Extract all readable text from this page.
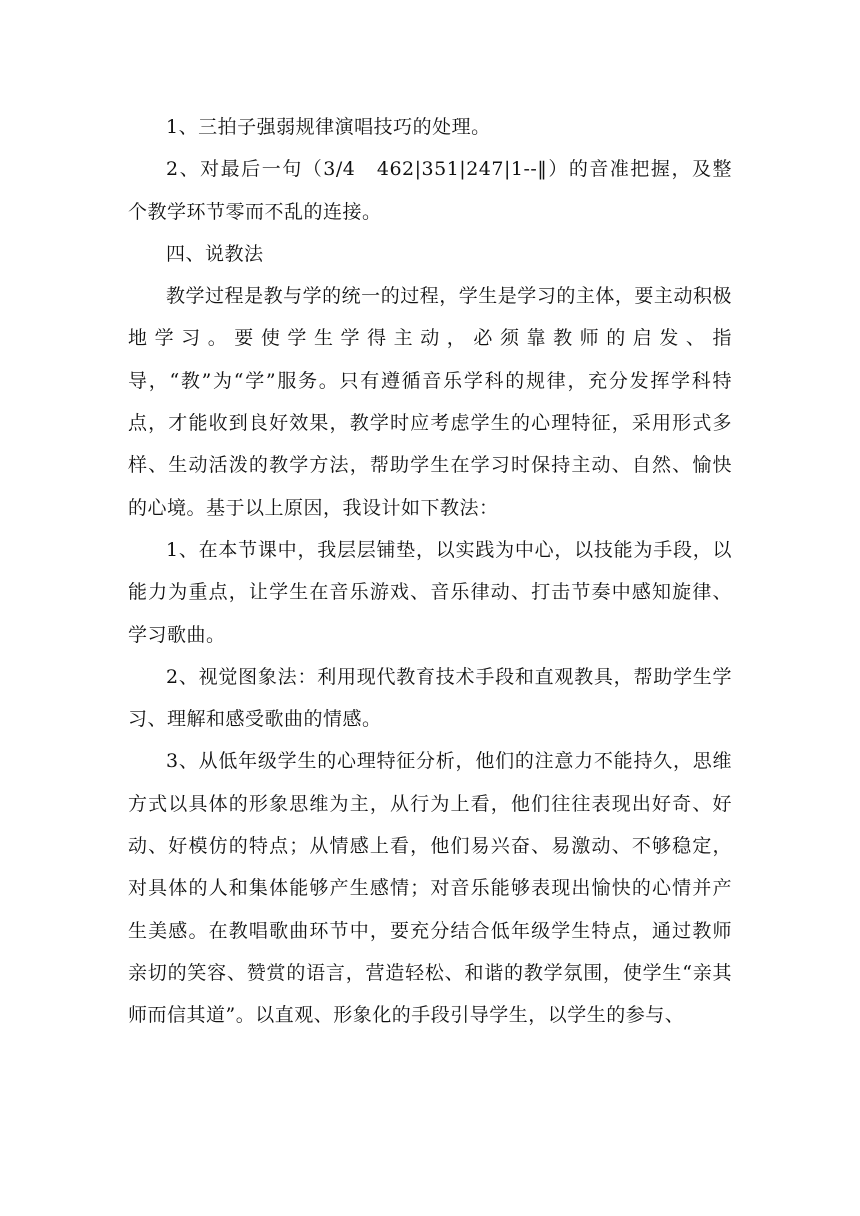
1、三拍子强弱规律演唱技巧的处理。

2、对最后一句（3/4　462|351|247|1--‖）的音准把握，及整个教学环节零而不乱的连接。

四、说教法

教学过程是教与学的统一的过程，学生是学习的主体，要主动积极地学习。要使学生学得主动，必须靠教师的启发、指导，“教”为“学”服务。只有遵循音乐学科的规律，充分发挥学科特点，才能收到良好效果，教学时应考虑学生的心理特征，采用形式多样、生动活泼的教学方法，帮助学生在学习时保持主动、自然、愉快的心境。基于以上原因，我设计如下教法：

1、在本节课中，我层层铺垫，以实践为中心，以技能为手段，以能力为重点，让学生在音乐游戏、音乐律动、打击节奏中感知旋律、学习歌曲。

2、视觉图象法：利用现代教育技术手段和直观教具，帮助学生学习、理解和感受歌曲的情感。

3、从低年级学生的心理特征分析，他们的注意力不能持久，思维方式以具体的形象思维为主，从行为上看，他们往往表现出好奇、好动、好模仿的特点；从情感上看，他们易兴奋、易激动、不够稳定，对具体的人和集体能够产生感情；对音乐能够表现出愉快的心情并产生美感。在教唱歌曲环节中，要充分结合低年级学生特点，通过教师亲切的笑容、赞赏的语言，营造轻松、和谐的教学氛围，使学生“亲其师而信其道”。以直观、形象化的手段引导学生，以学生的参与、
